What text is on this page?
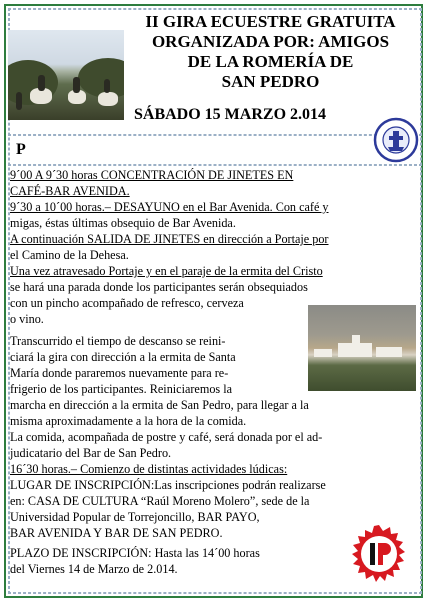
II GIRA ECUESTRE GRATUITA
ORGANIZADA POR: AMIGOS
DE LA ROMERÍA DE
SAN PEDRO
SÁBADO 15 MARZO 2.014
P
9´00 A 9´30 horas CONCENTRACIÓN DE JINETES EN
CAFÉ-BAR AVENIDA.
9´30 a 10´00 horas.– DESAYUNO en el Bar Avenida. Con café y
migas, éstas últimas obsequio de Bar Avenida.
A continuación SALIDA DE JINETES en dirección a Portaje por
el Camino de la Dehesa.
Una vez atravesado Portaje y en el paraje de la ermita del Cristo
se hará una parada donde los participantes serán obsequiados
con un pincho acompañado de refresco, cerveza
o vino.
Transcurrido el tiempo de descanso se reini-
ciará la gira con dirección a la ermita de Santa
María donde pararemos nuevamente para re-
frigerio de los participantes. Reiniciaremos la
marcha en dirección a la ermita de San Pedro, para llegar a la
misma aproximadamente a la hora de la comida.
La comida, acompañada de postre y café, será donada por el ad-
judicatario del Bar de San Pedro.
16´30 horas.– Comienzo de distintas actividades lúdicas:
LUGAR DE INSCRIPCIÓN:Las inscripciones podrán realizarse
en: CASA DE CULTURA “Raúl Moreno Molero”, sede de la
Universidad Popular de Torrejoncillo, BAR PAYO,
BAR AVENIDA Y BAR DE SAN PEDRO.
PLAZO DE INSCRIPCIÓN: Hasta las 14´00 horas
del Viernes 14 de Marzo de 2.014.
